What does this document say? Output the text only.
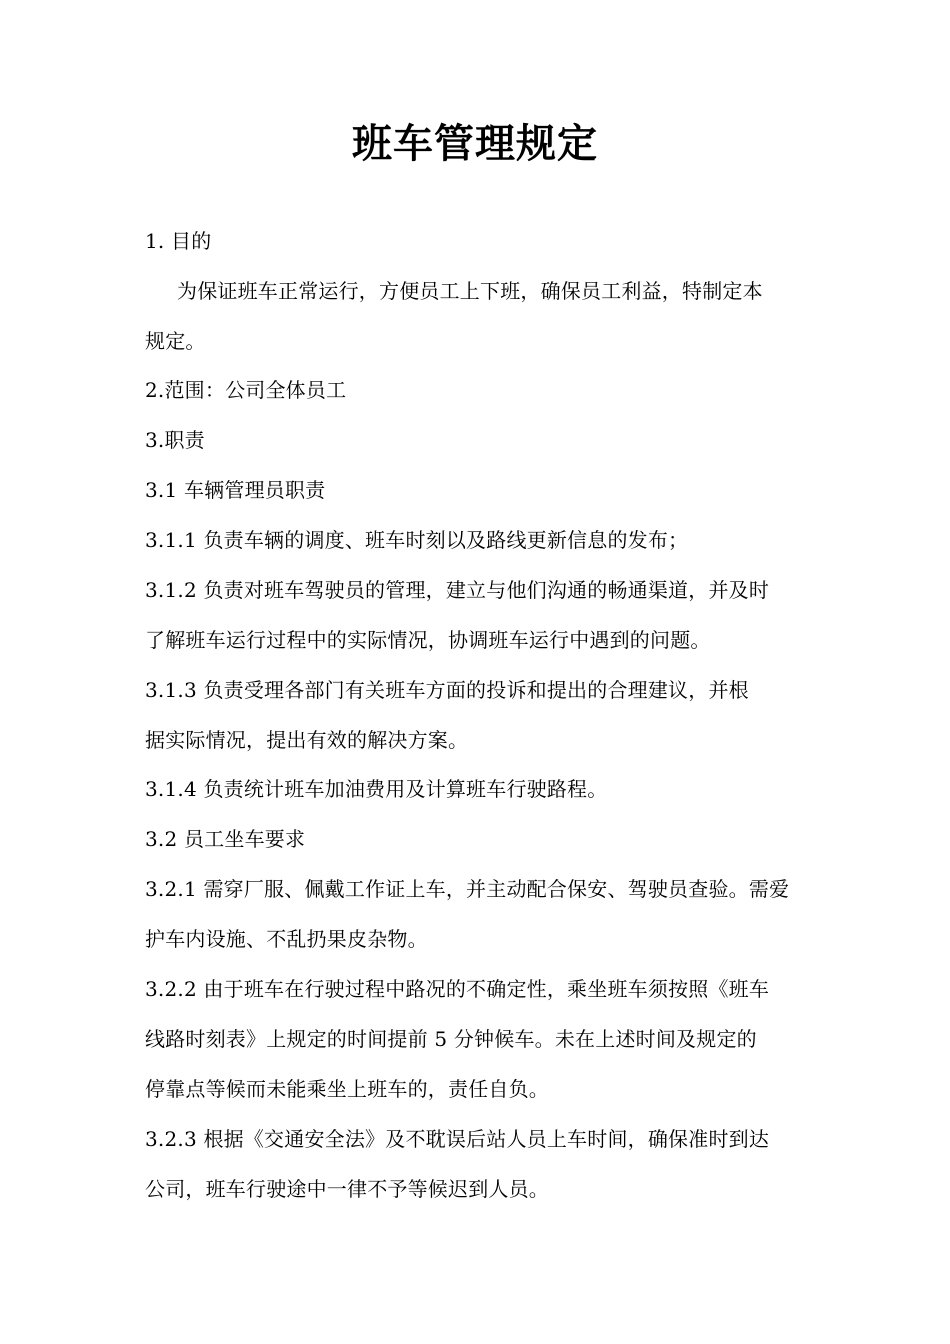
班车管理规定
1. 目的
为保证班车正常运行，方便员工上下班，确保员工利益，特制定本
规定。
2.范围：公司全体员工
3.职责
3.1 车辆管理员职责
3.1.1 负责车辆的调度、班车时刻以及路线更新信息的发布；
3.1.2 负责对班车驾驶员的管理，建立与他们沟通的畅通渠道，并及时
了解班车运行过程中的实际情况，协调班车运行中遇到的问题。
3.1.3 负责受理各部门有关班车方面的投诉和提出的合理建议，并根
据实际情况，提出有效的解决方案。
3.1.4 负责统计班车加油费用及计算班车行驶路程。
3.2 员工坐车要求
3.2.1 需穿厂服、佩戴工作证上车，并主动配合保安、驾驶员查验。需爱
护车内设施、不乱扔果皮杂物。
3.2.2 由于班车在行驶过程中路况的不确定性，乘坐班车须按照《班车
线路时刻表》上规定的时间提前 5 分钟候车。未在上述时间及规定的
停靠点等候而未能乘坐上班车的，责任自负。
3.2.3 根据《交通安全法》及不耽误后站人员上车时间，确保准时到达
公司，班车行驶途中一律不予等候迟到人员。
